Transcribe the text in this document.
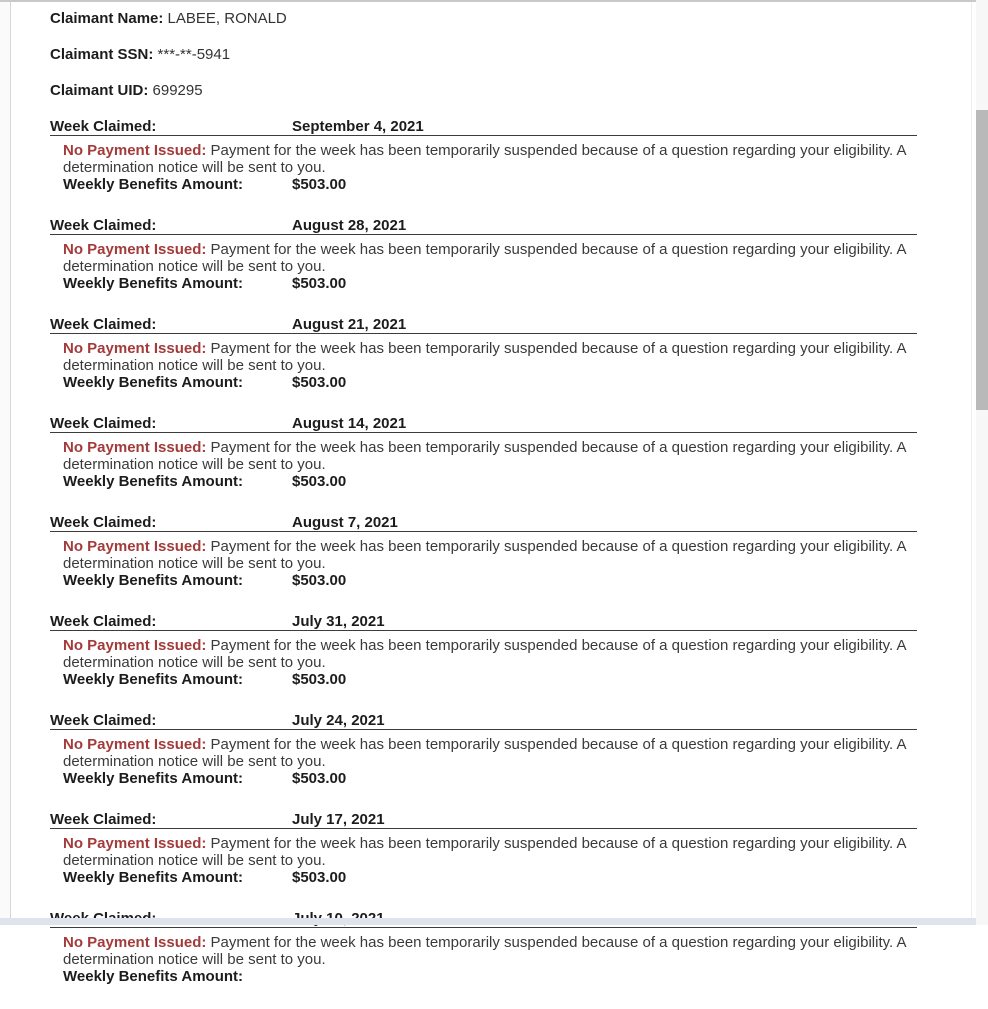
Claimant Name: LABEE, RONALD
Claimant SSN: ***-**-5941
Claimant UID: 699295
Week Claimed:	September 4, 2021

No Payment Issued: Payment for the week has been temporarily suspended because of a question regarding your eligibility. A determination notice will be sent to you.

Weekly Benefits Amount:	$503.00
Week Claimed:	August 28, 2021

No Payment Issued: Payment for the week has been temporarily suspended because of a question regarding your eligibility. A determination notice will be sent to you.

Weekly Benefits Amount:	$503.00
Week Claimed:	August 21, 2021

No Payment Issued: Payment for the week has been temporarily suspended because of a question regarding your eligibility. A determination notice will be sent to you.

Weekly Benefits Amount:	$503.00
Week Claimed:	August 14, 2021

No Payment Issued: Payment for the week has been temporarily suspended because of a question regarding your eligibility. A determination notice will be sent to you.

Weekly Benefits Amount:	$503.00
Week Claimed:	August 7, 2021

No Payment Issued: Payment for the week has been temporarily suspended because of a question regarding your eligibility. A determination notice will be sent to you.

Weekly Benefits Amount:	$503.00
Week Claimed:	July 31, 2021

No Payment Issued: Payment for the week has been temporarily suspended because of a question regarding your eligibility. A determination notice will be sent to you.

Weekly Benefits Amount:	$503.00
Week Claimed:	July 24, 2021

No Payment Issued: Payment for the week has been temporarily suspended because of a question regarding your eligibility. A determination notice will be sent to you.

Weekly Benefits Amount:	$503.00
Week Claimed:	July 17, 2021

No Payment Issued: Payment for the week has been temporarily suspended because of a question regarding your eligibility. A determination notice will be sent to you.

Weekly Benefits Amount:	$503.00

No Payment Issued: Payment for the week has been temporarily suspended because of a question regarding your eligibility. A determination notice will be sent to you.

Weekly Benefits Amount:
